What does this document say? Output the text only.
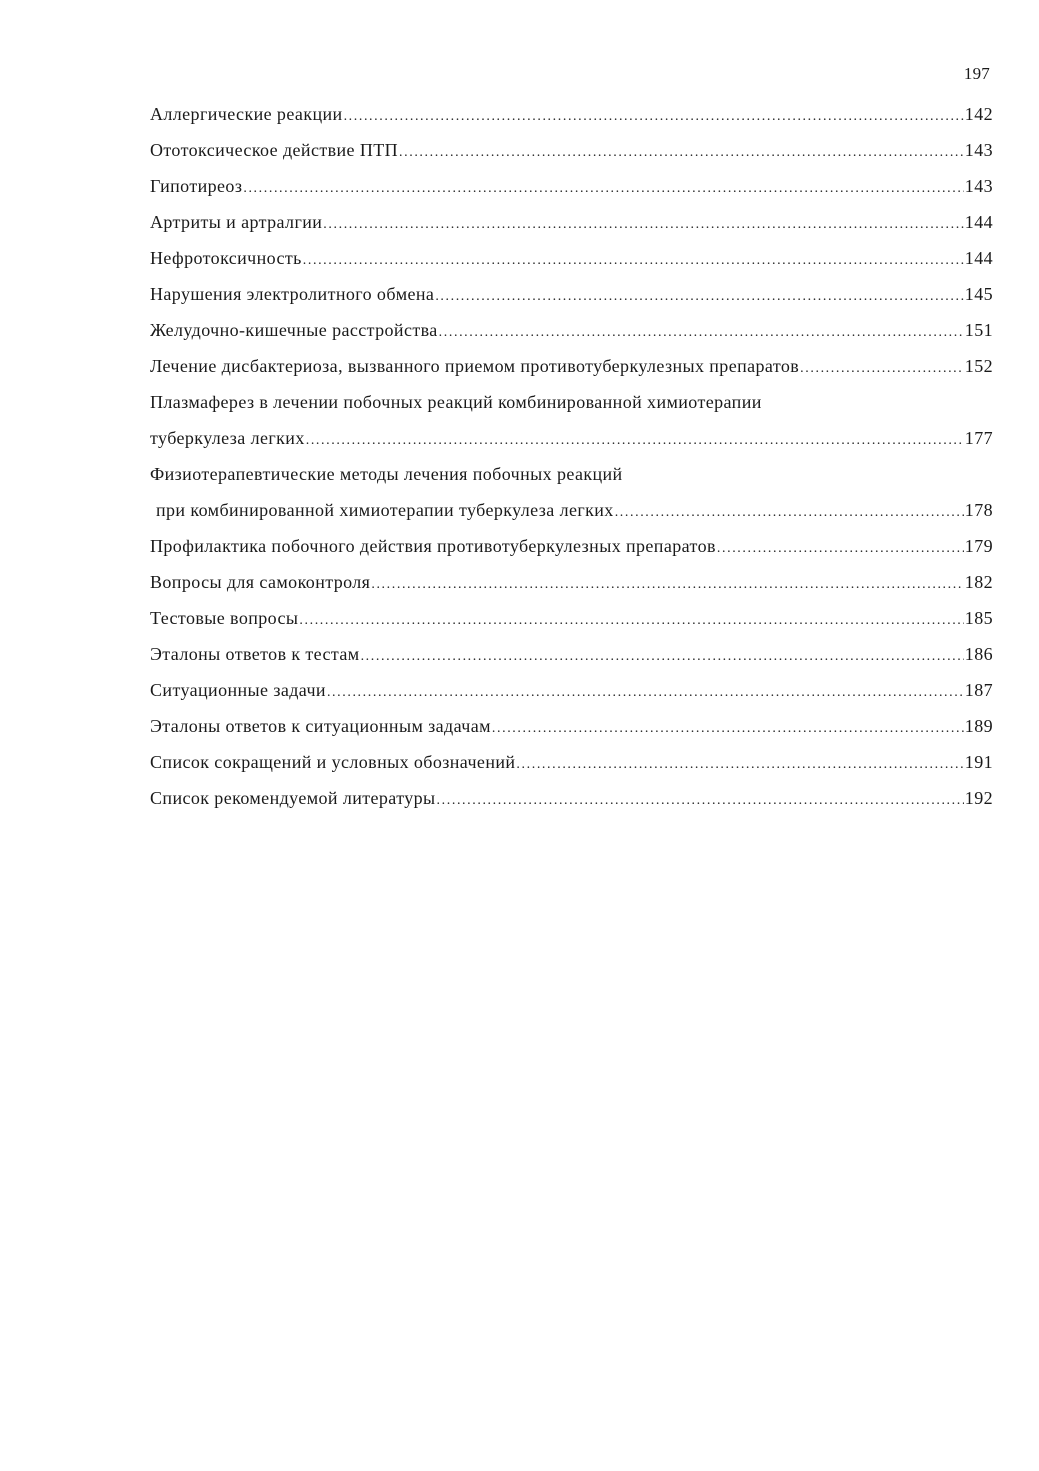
197
Аллергические реакции .....	142
Ототоксическое действие ПТП .....	143
Гипотиреоз .....	143
Артриты и артралгии .....	144
Нефротоксичность .....	144
Нарушения электролитного обмена .....	145
Желудочно-кишечные расстройства .....	151
Лечение дисбактериоза, вызванного приемом противотуберкулезных препаратов .....	152
Плазмаферез в лечении побочных реакций комбинированной химиотерапии
туберкулеза легких .....	177
Физиотерапевтические методы лечения побочных реакций
при комбинированной химиотерапии туберкулеза легких .....	178
Профилактика побочного действия противотуберкулезных препаратов .....	179
Вопросы для самоконтроля .....	182
Тестовые вопросы .....	185
Эталоны ответов к тестам .....	186
Ситуационные задачи .....	187
Эталоны ответов к ситуационным задачам .....	189
Список сокращений и условных обозначений .....	191
Список рекомендуемой литературы .....	192
